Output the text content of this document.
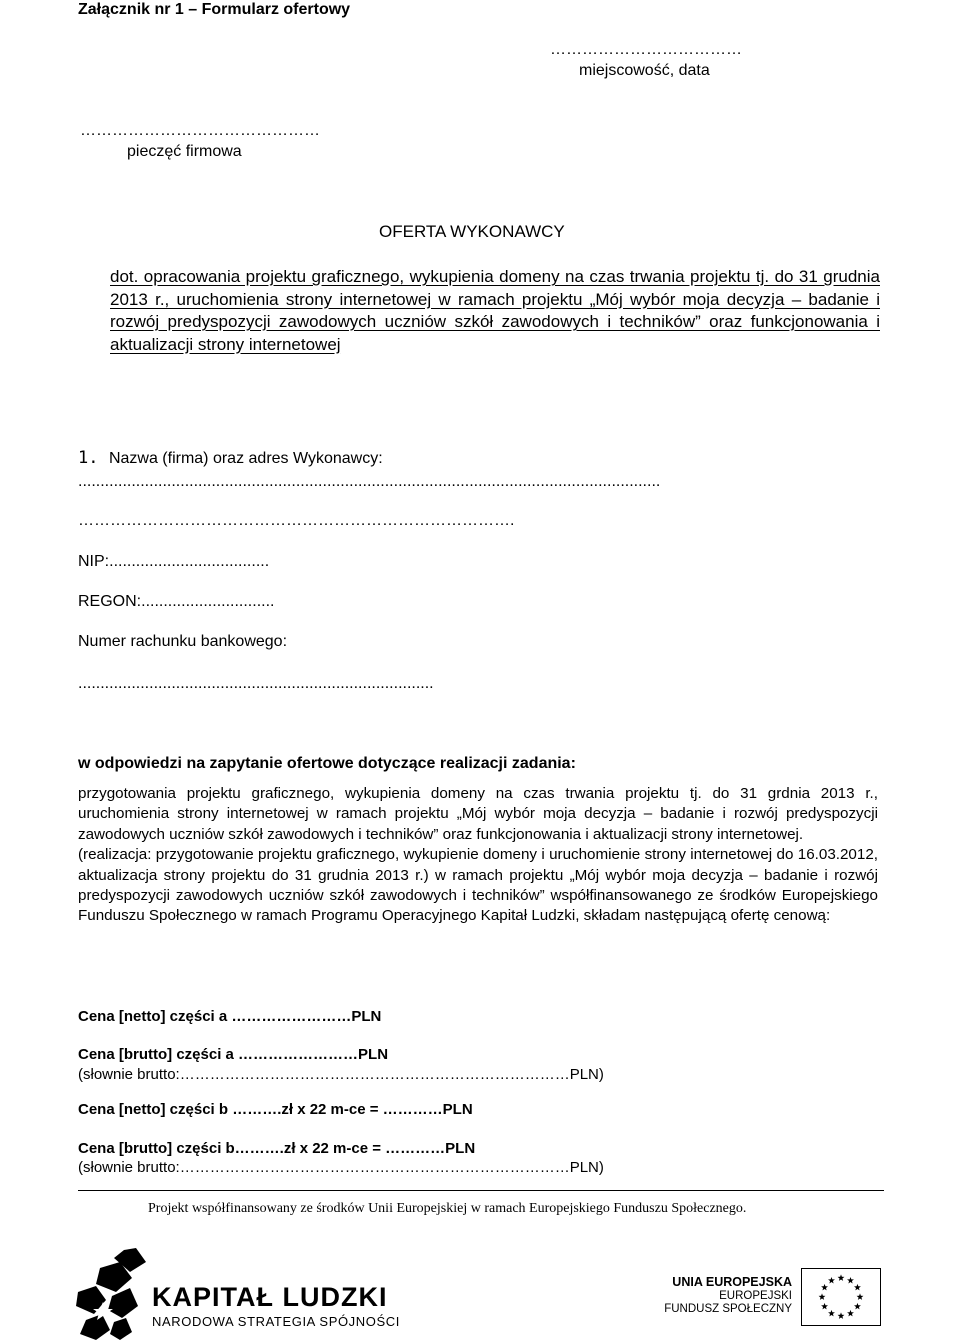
Załącznik nr 1 – Formularz ofertowy
………………………………
miejscowość, data
………………………………………
pieczęć firmowa
OFERTA WYKONAWCY
dot. opracowania projektu graficznego, wykupienia domeny na czas trwania projektu tj. do 31 grudnia 2013 r., uruchomienia strony internetowej w ramach projektu „Mój wybór moja decyzja – badanie i rozwój predyspozycji zawodowych uczniów szkół zawodowych i techników” oraz funkcjonowania i aktualizacji strony internetowej
1. Nazwa (firma) oraz adres Wykonawcy:
...................................................................................................................................
……………………………………………………………………….
NIP:....................................
REGON:..............................
Numer rachunku bankowego:
................................................................................
w odpowiedzi na zapytanie ofertowe dotyczące realizacji zadania:

przygotowania projektu graficznego, wykupienia domeny na czas trwania projektu tj. do 31 grdnia 2013 r., uruchomienia strony internetowej w ramach projektu „Mój wybór moja decyzja – badanie i rozwój predyspozycji zawodowych uczniów szkół zawodowych i techników” oraz funkcjonowania i aktualizacji strony internetowej.

(realizacja: przygotowanie projektu graficznego, wykupienie domeny i uruchomienie strony internetowej do 16.03.2012, aktualizacja strony projektu do 31 grudnia 2013 r.) w ramach projektu „Mój wybór moja decyzja – badanie i rozwój predyspozycji zawodowych uczniów szkół zawodowych i techników” współfinansowanego ze środków Europejskiego Funduszu Społecznego w ramach Programu Operacyjnego Kapitał Ludzki, składam następującą ofertę cenową:

Cena [netto] części a ……………………PLN
Cena [brutto] części a ……………………PLN
(słownie brutto:……………………………………………………………………PLN)
Cena [netto] części b ……….zł x 22 m-ce = …………PLN
Cena [brutto] części b……….zł x 22 m-ce = …………PLN
(słownie brutto:……………………………………………………………………PLN)
Projekt współfinansowany ze środków Unii Europejskiej w ramach Europejskiego Funduszu Społecznego.
KAPITAŁ LUDZKI
NARODOWA STRATEGIA SPÓJNOŚCI
UNIA EUROPEJSKA
EUROPEJSKI
FUNDUSZ SPOŁECZNY
